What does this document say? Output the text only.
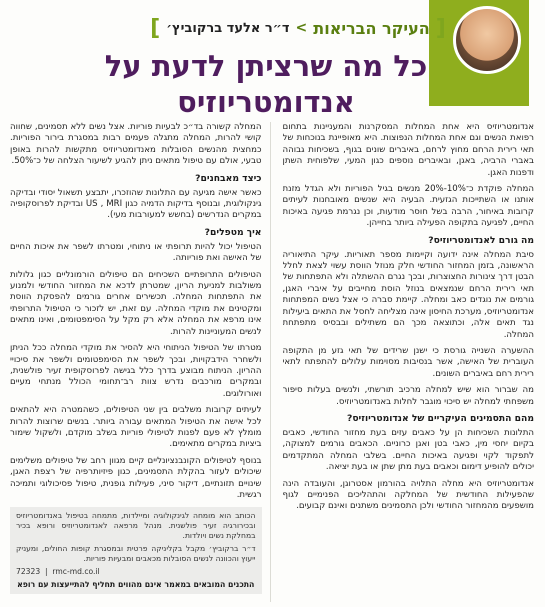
[
העיקר הבריאות
>
ד״ר אלעד ברקוביץ׳
]
כל מה שרציתן לדעת על
אנדומטריוזיס

אנדומטריוזיס היא אחת המחלות המסקרנות והמעניינות בתחום רפואת הנשים וגם אחת המחלות הנפוצות. היא מאופיינת בנוכחות של תאי רירית הרחם מחוץ לרחם, באיברים שונים בגוף, בשכיחות גבוהה באברי הרביה, באגן, ובאיברים נוספים כגון המעי, שלפוחית השתן ודפנות האגן.

המחלה פוקדת כ־10%-20% מנשים בגיל הפוריות ולא הגדל מזנת אותנו או השתייכות הגזעית. הבעיה היא שנשים מאובחנות לעיתים קרובות באיחור, הרבה בשל חוסר מודעות, וכן נגרמת פגיעה באיכות החיים, לפגיעה בתקופה הפעילה ביותר בחייהן.

מה גורם לאנדומטריוזיס?

סיבת המחלה אינה ידועה וקיימות מספר תאוריות. עיקר התיאוריה הראשונה, בזמן המחזור החודשי חלק מנוזל הווסת עשוי לצאת לחלל הבטן דרך צינורות החצוצרות, ובכך נגרם ההשתלה ולא התפתחות של תאי רירית הרחם שנמצאים בנוזל הוסת מחייבים על איברי האגן, גורמים את נוגדים כאב ומחלה. קיימת סברה כי אצל נשים המפתחות אנדומטריוזיס, מערכת החיסון אינה מצליחה לחסל את התאים ביעילות נגד תאים אלה, וכתוצאה מכך הם משתילים ובבסיס מתפתחת המחלה.

ההשערה השנייה גורסת כי ישנן שרידים של תאי גזע מן התקופה העוברית של האישה, אשר בנסיבות מסוימות עלולים להתפתח לתאי רירית רחם באיברים השונים.

מה שברור הוא שיש למחלה מרכיב תורשתי, ולנשים בעלות סיפור משפחתי למחלה יש סיכוי מוגבר לחלות באנדומטריוזיס.

מהם התסמינים העיקריים של אנדומטריוזיס?

התלונות השכיחות הן על כאבים עזים בעת מחזור החודשי, כאבים בקיום יחסי מין, כאבי בטן ואגן כרוניים. הכאבים גורמים למצוקה, לתפקוד לקוי ופגיעה באיכות החיים. בשלבי המחלה המתקדמים יכולים להופיע דימום וכאבים בעת מתן שתן או בעת יציאה.

אנדומטריוזיס היא מחלה התלויה בהורמון אסטרוגן, והעובדה הינה שהפעילות החודשית של המחלקה והתהליכים הפנימיים לגוף מושפעים מהמחזור החודשי ולכן התסמינים משתנים ואינם קבועים.

המחלה קשורה בד״כ לבעיות פוריות. אצל נשים ללא תסמינים, שחווה קושי להרות, המחלה מתגלה פעמים רבות במסגרת בירור הפוריות. כמחצית מהנשים הסובלות מאנדומטריוזיס מתקשות להרות באופן טבעי, אולם עם טיפול מתאים ניתן להגיע לשיעור הצלחה של כ־50%.

כיצד מאבחנים?

כאשר אישה מגיעה עם התלונות שהוזכרו, יתבצע תשאול יסודי ובדיקה גינקולוגית, ובנוסף בדיקות הדמיה כגון US , MRI ובדיקת לפרוסקופיה במקרים הנדרשים (בחשש למעורבות מעי).

איך מטפלים?

הטיפול יכול להיות תרופתי או ניתוחי, ומטרתו לשפר את איכות החיים של האישה ואת פוריותה.

הטיפולים התרופתיים השכיחים הם טיפולים הורמונליים כגון גלולות משולבות למניעת הריון, שמטרתן לדכא את המחזור החודשי ולמנוע את התפתחות המחלה. תכשירים אחרים גורמים להפסקת הווסת ומקטינים את מוקדי המחלה. עם זאת, יש לזכור כי הטיפול התרופתי אינו מרפא את המחלה אלא רק מקל על הסימפטומים, ואינו מתאים לנשים המעוניינות להרות.

מטרתו של הטיפול הניתוחי היא להסיר את מוקדי המחלה ככל הניתן ולשחרר הידבקויות, ובכך לשפר את הסימפטומים ולשפר את סיכויי ההריון. הניתוח מבוצע בדרך כלל בגישה לפרוסקופית זעיר פולשנית, ובמקרים מורכבים נדרש צוות רב־תחומי הכולל מנתחי מעיים ואורולוגים.

לעיתים קרובות משלבים בין שני הטיפולים, כשהמטרה היא להתאים לכל אישה את הטיפול המתאים עבורה ביותר. בנשים שרוצות להרות מומלץ לא פעם לפנות לטיפולי פוריות בשלב מוקדם, ולשקול שימור ביציות במקרים מתאימים.

בנוסף לטיפולים הקונבנציונליים קיים מגוון רחב של טיפולים משלימים שיכולים לעזור בהקלת התסמינים, כגון פיזיותרפיה של רצפת האגן, שינויים תזונתיים, דיקור סיני, פעילות גופנית, טיפול פסיכולוגי ותמיכה רגשית.

הכותב הוא מומחה לגינקולוגיה ומיילדות, מתמחה בטיפול באנדומטריוזיס ובכירורגיה זעיר פולשנית. מנהל מרפאה לאנדומטריוזיס ורופא בכיר במחלקת נשים ויולדות.

ד״ר ברקוביץ׳ מקבל בקליניקה פרטית ובמסגרת קופות החולים, ומעניק ייעוץ והכוונה לנשים הסובלות מכאבים ומבעיות פוריות.

72323  |  rmc-md.co.il

התכנים המובאים במאמר אינם מהווים תחליף להתייעצות עם רופא
